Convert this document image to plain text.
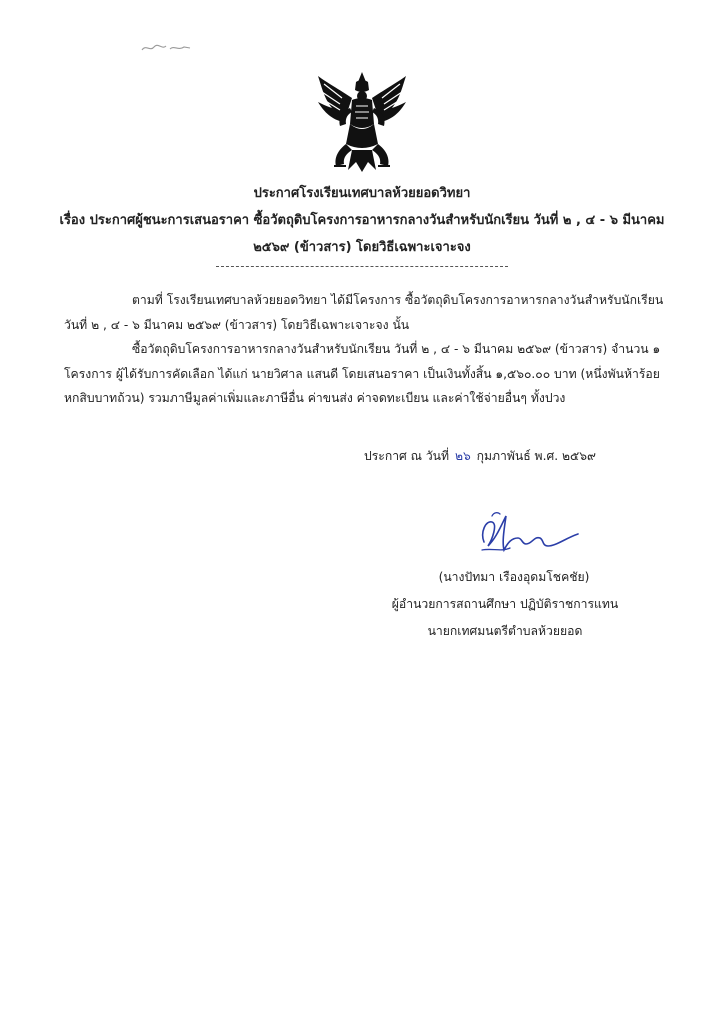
ประกาศโรงเรียนเทศบาลห้วยยอดวิทยา
เรื่อง ประกาศผู้ชนะการเสนอราคา ซื้อวัตถุดิบโครงการอาหารกลางวันสำหรับนักเรียน วันที่ ๒ , ๔ - ๖ มีนาคม
๒๕๖๙ (ข้าวสาร) โดยวิธีเฉพาะเจาะจง
ตามที่ โรงเรียนเทศบาลห้วยยอดวิทยา ได้มีโครงการ ซื้อวัตถุดิบโครงการอาหารกลางวันสำหรับนักเรียน
วันที่ ๒ , ๔ - ๖ มีนาคม ๒๕๖๙ (ข้าวสาร) โดยวิธีเฉพาะเจาะจง นั้น
ซื้อวัตถุดิบโครงการอาหารกลางวันสำหรับนักเรียน วันที่ ๒ , ๔ - ๖ มีนาคม ๒๕๖๙ (ข้าวสาร) จำนวน ๑
โครงการ ผู้ได้รับการคัดเลือก ได้แก่ นายวิศาล แสนดี โดยเสนอราคา เป็นเงินทั้งสิ้น ๑,๕๖๐.๐๐ บาท (หนึ่งพันห้าร้อย
หกสิบบาทถ้วน) รวมภาษีมูลค่าเพิ่มและภาษีอื่น ค่าขนส่ง ค่าจดทะเบียน และค่าใช้จ่ายอื่นๆ ทั้งปวง
ประกาศ ณ วันที่ ๒๖ กุมภาพันธ์ พ.ศ. ๒๕๖๙
(นางปัทมา เรืองอุดมโชคชัย)
ผู้อำนวยการสถานศึกษา ปฏิบัติราชการแทน
นายกเทศมนตรีตำบลห้วยยอด
